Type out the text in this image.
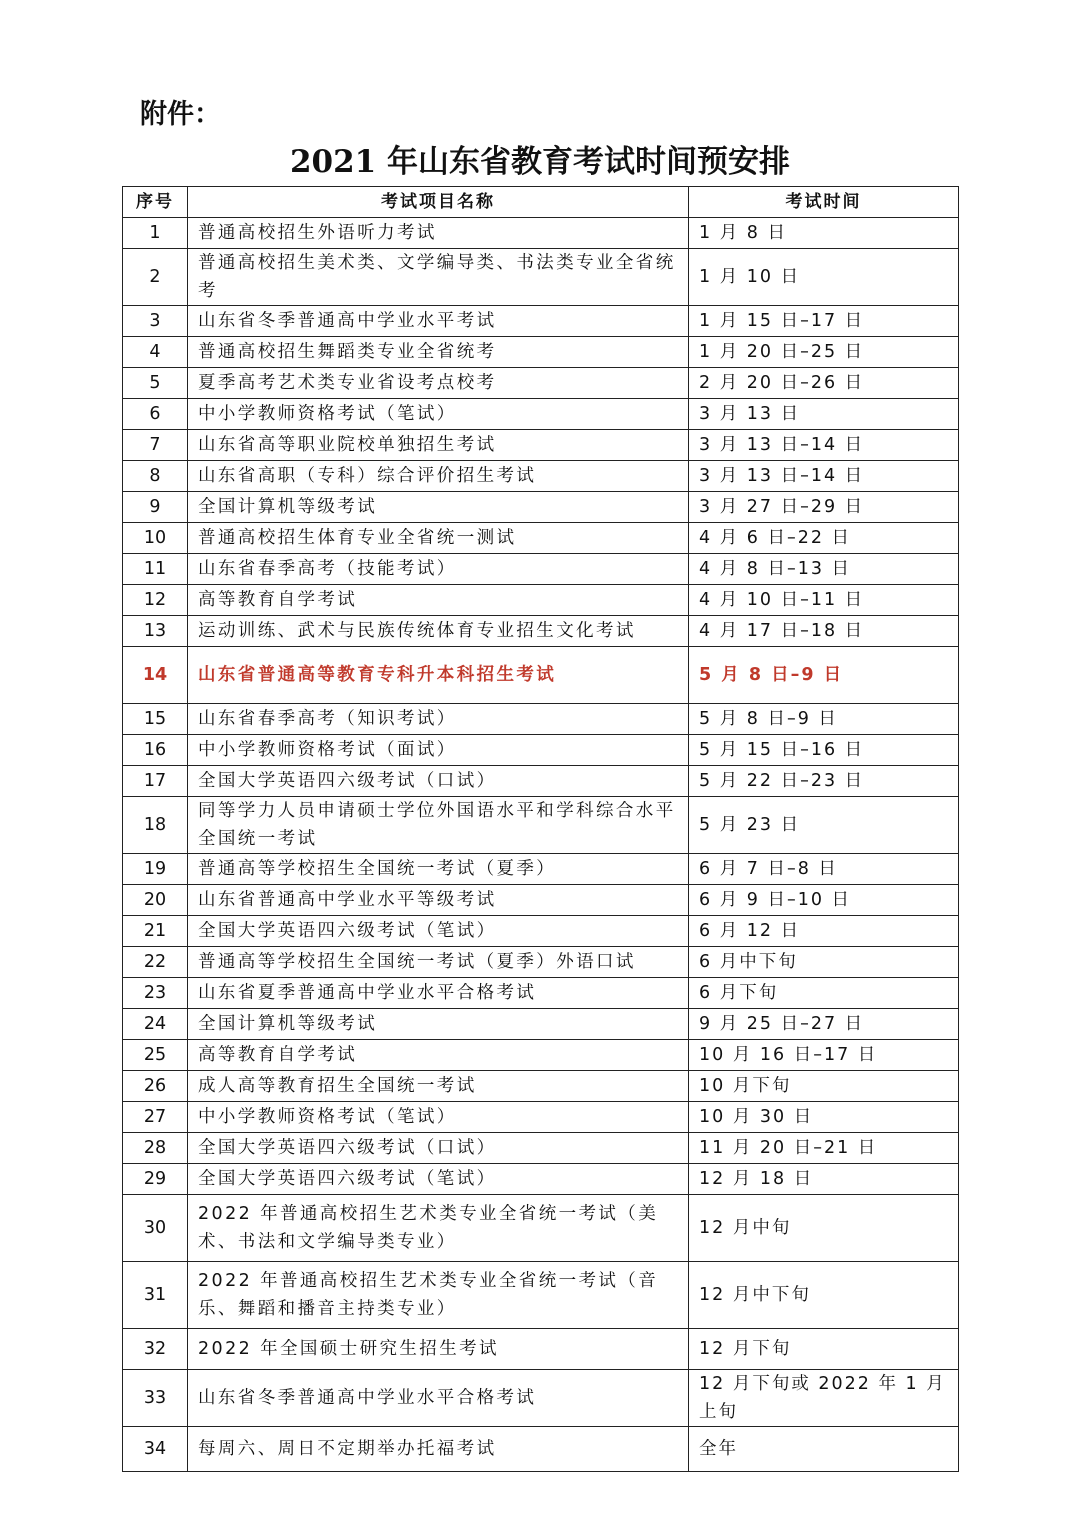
附件：
2021 年山东省教育考试时间预安排
序号	考试项目名称	考试时间
1	普通高校招生外语听力考试	1 月 8 日
2	普通高校招生美术类、文学编导类、书法类专业全省统考	1 月 10 日
3	山东省冬季普通高中学业水平考试	1 月 15 日–17 日
4	普通高校招生舞蹈类专业全省统考	1 月 20 日–25 日
5	夏季高考艺术类专业省设考点校考	2 月 20 日–26 日
6	中小学教师资格考试（笔试）	3 月 13 日
7	山东省高等职业院校单独招生考试	3 月 13 日–14 日
8	山东省高职（专科）综合评价招生考试	3 月 13 日–14 日
9	全国计算机等级考试	3 月 27 日–29 日
10	普通高校招生体育专业全省统一测试	4 月 6 日–22 日
11	山东省春季高考（技能考试）	4 月 8 日–13 日
12	高等教育自学考试	4 月 10 日–11 日
13	运动训练、武术与民族传统体育专业招生文化考试	4 月 17 日–18 日
14	山东省普通高等教育专科升本科招生考试	5 月 8 日–9 日
15	山东省春季高考（知识考试）	5 月 8 日–9 日
16	中小学教师资格考试（面试）	5 月 15 日–16 日
17	全国大学英语四六级考试（口试）	5 月 22 日–23 日
18	同等学力人员申请硕士学位外国语水平和学科综合水平全国统一考试	5 月 23 日
19	普通高等学校招生全国统一考试（夏季）	6 月 7 日–8 日
20	山东省普通高中学业水平等级考试	6 月 9 日–10 日
21	全国大学英语四六级考试（笔试）	6 月 12 日
22	普通高等学校招生全国统一考试（夏季）外语口试	6 月中下旬
23	山东省夏季普通高中学业水平合格考试	6 月下旬
24	全国计算机等级考试	9 月 25 日–27 日
25	高等教育自学考试	10 月 16 日–17 日
26	成人高等教育招生全国统一考试	10 月下旬
27	中小学教师资格考试（笔试）	10 月 30 日
28	全国大学英语四六级考试（口试）	11 月 20 日–21 日
29	全国大学英语四六级考试（笔试）	12 月 18 日
30	2022 年普通高校招生艺术类专业全省统一考试（美术、书法和文学编导类专业）	12 月中旬
31	2022 年普通高校招生艺术类专业全省统一考试（音乐、舞蹈和播音主持类专业）	12 月中下旬
32	2022 年全国硕士研究生招生考试	12 月下旬
33	山东省冬季普通高中学业水平合格考试	12 月下旬或 2022 年 1 月上旬
34	每周六、周日不定期举办托福考试	全年
